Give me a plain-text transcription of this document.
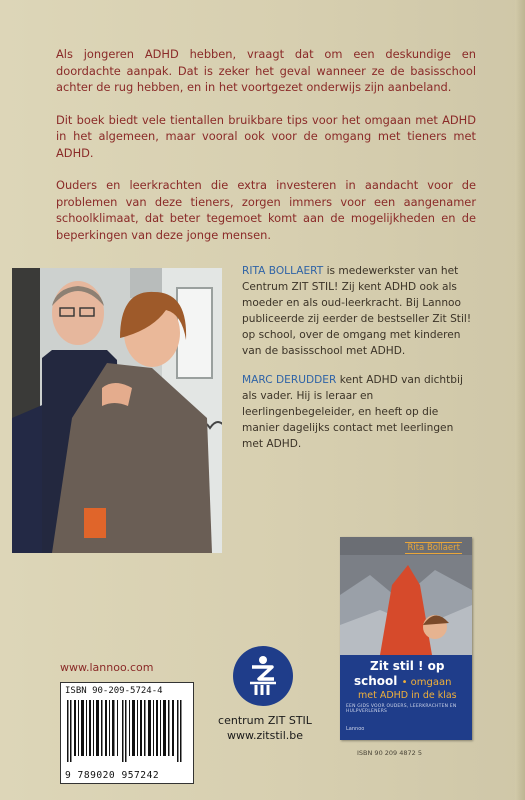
Als jongeren ADHD hebben, vraagt dat om een deskundige en doordachte aanpak. Dat is zeker het geval wanneer ze de basisschool achter de rug hebben, en in het voortgezet onderwijs zijn aanbeland.

Dit boek biedt vele tientallen bruikbare tips voor het omgaan met ADHD in het algemeen, maar vooral ook voor de omgang met tieners met ADHD.

Ouders en leerkrachten die extra investeren in aandacht voor de problemen van deze tieners, zorgen immers voor een aangenamer schoolklimaat, dat beter tegemoet komt aan de mogelijkheden en de beperkingen van deze jonge mensen.

RITA BOLLAERT is medewerkster van het Centrum ZIT STIL! Zij kent ADHD ook als moeder en als oud-leerkracht. Bij Lannoo publiceerde zij eerder de bestseller Zit Stil! op school, over de omgang met kinderen van de basisschool met ADHD.

MARC DERUDDER kent ADHD van dichtbij als vader. Hij is leraar en leerlingenbegeleider, en heeft op die manier dagelijks contact met leerlingen met ADHD.

www.lannoo.com
ISBN 90-209-5724-4
9 789020 957242
centrum ZIT STIL
www.zitstil.be
Rita Bollaert
Zit stil ! op
school • omgaan
met ADHD in de klas
EEN GIDS VOOR OUDERS, LEERKRACHTEN EN HULPVERLENERS
Lannoo
ISBN 90 209 4872 5
